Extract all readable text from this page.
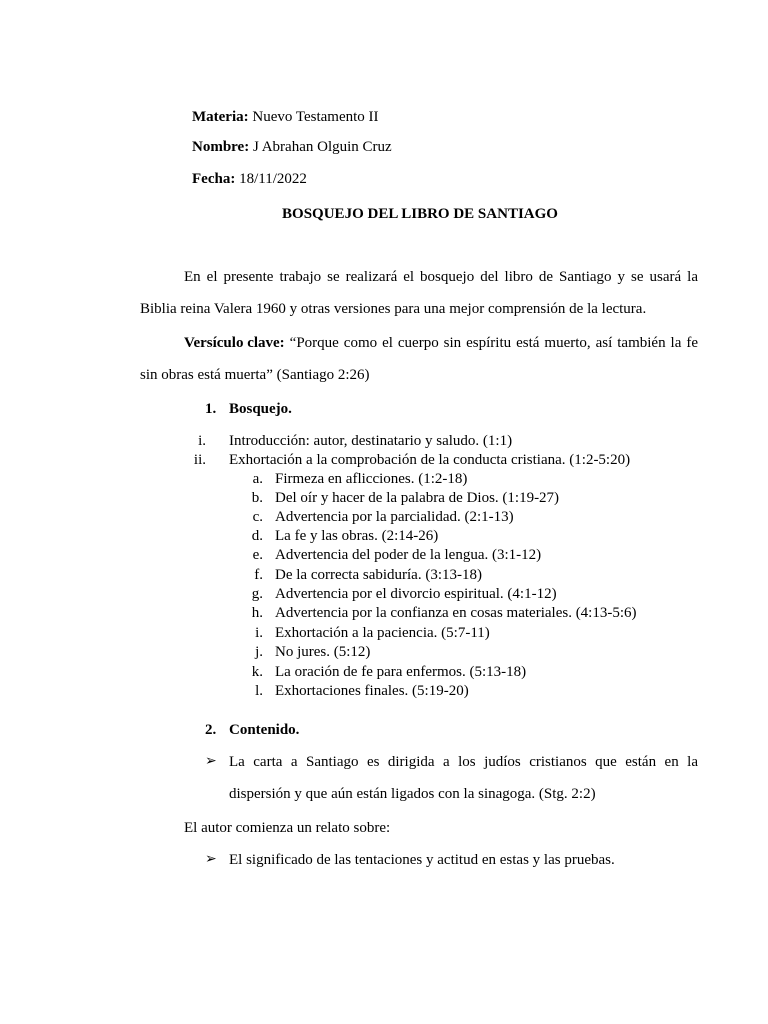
Materia: Nuevo Testamento II
Nombre: J Abrahan Olguin Cruz
Fecha: 18/11/2022
BOSQUEJO DEL LIBRO DE SANTIAGO
En el presente trabajo se realizará el bosquejo del libro de Santiago y se usará la
Biblia reina Valera 1960 y otras versiones para una mejor comprensión de la lectura.
Versículo clave: “Porque como el cuerpo sin espíritu está muerto, así también la fe
sin obras está muerta” (Santiago 2:26)
1. Bosquejo.
i. Introducción: autor, destinatario y saludo. (1:1)
ii. Exhortación a la comprobación de la conducta cristiana. (1:2-5:20)
a. Firmeza en aflicciones. (1:2-18)
b. Del oír y hacer de la palabra de Dios. (1:19-27)
c. Advertencia por la parcialidad. (2:1-13)
d. La fe y las obras. (2:14-26)
e. Advertencia del poder de la lengua. (3:1-12)
f. De la correcta sabiduría. (3:13-18)
g. Advertencia por el divorcio espiritual. (4:1-12)
h. Advertencia por la confianza en cosas materiales. (4:13-5:6)
i. Exhortación a la paciencia. (5:7-11)
j. No jures. (5:12)
k. La oración de fe para enfermos. (5:13-18)
l. Exhortaciones finales. (5:19-20)
2. Contenido.
➢ La carta a Santiago es dirigida a los judíos cristianos que están en la
dispersión y que aún están ligados con la sinagoga. (Stg. 2:2)
El autor comienza un relato sobre:
➢ El significado de las tentaciones y actitud en estas y las pruebas.
